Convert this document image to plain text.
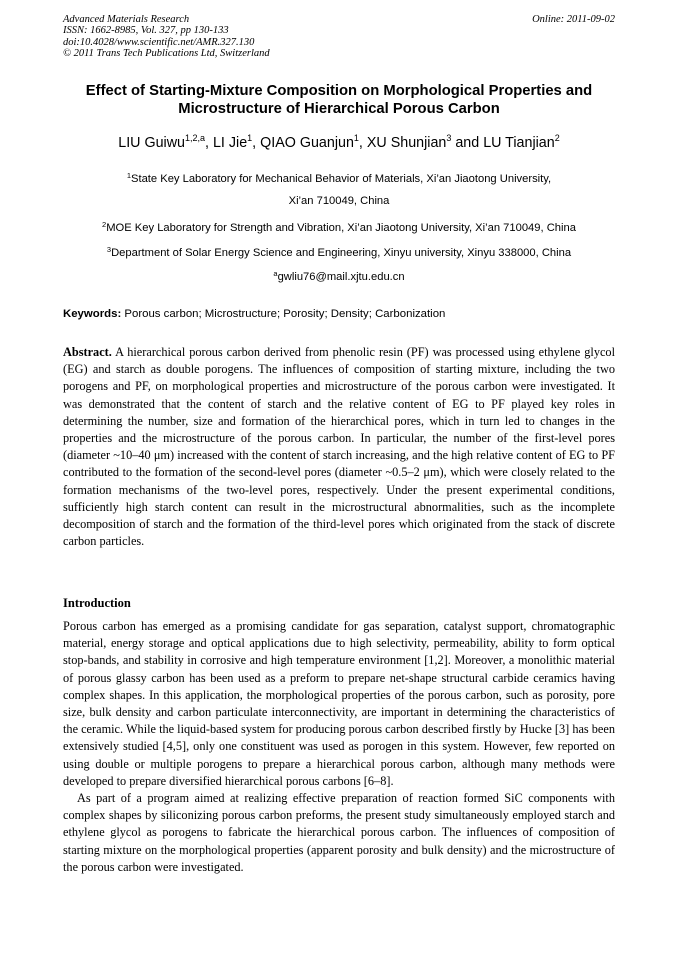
Advanced Materials Research
ISSN: 1662-8985, Vol. 327, pp 130-133
doi:10.4028/www.scientific.net/AMR.327.130
© 2011 Trans Tech Publications Ltd, Switzerland
Online: 2011-09-02
Effect of Starting-Mixture Composition on Morphological Properties and
Microstructure of Hierarchical Porous Carbon
LIU Guiwu$^{1,2,a}$, LI Jie$^1$, QIAO Guanjun$^1$, XU Shunjian$^3$ and LU Tianjian$^2$
$^1$State Key Laboratory for Mechanical Behavior of Materials, Xi’an Jiaotong University,
Xi’an 710049, China
$^2$MOE Key Laboratory for Strength and Vibration, Xi’an Jiaotong University, Xi’an 710049, China
$^3$Department of Solar Energy Science and Engineering, Xinyu university, Xinyu 338000, China
$^a$gwliu76@mail.xjtu.edu.cn
Keywords: Porous carbon; Microstructure; Porosity; Density; Carbonization
Abstract. A hierarchical porous carbon derived from phenolic resin (PF) was processed using ethylene glycol (EG) and starch as double porogens. The influences of composition of starting mixture, including the two porogens and PF, on morphological properties and microstructure of the porous carbon were investigated. It was demonstrated that the content of starch and the relative content of EG to PF played key roles in determining the number, size and formation of the hierarchical pores, which in turn led to changes in the properties and the microstructure of the porous carbon. In particular, the number of the first-level pores (diameter ~10–40 μm) increased with the content of starch increasing, and the high relative content of EG to PF contributed to the formation of the second-level pores (diameter ~0.5–2 μm), which were closely related to the formation mechanisms of the two-level pores, respectively. Under the present experimental conditions, sufficiently high starch content can result in the microstructural abnormalities, such as the incomplete decomposition of starch and the formation of the third-level pores which originated from the stack of discrete carbon particles.
Introduction

Porous carbon has emerged as a promising candidate for gas separation, catalyst support, chromatographic material, energy storage and optical applications due to high selectivity, permeability, ability to form optical stop-bands, and stability in corrosive and high temperature environment [1,2]. Moreover, a monolithic material of porous glassy carbon has been used as a preform to prepare net-shape structural carbide ceramics having complex shapes. In this application, the morphological properties of the porous carbon, such as porosity, pore size, bulk density and carbon particulate interconnectivity, are important in determining the characteristics of the ceramic. While the liquid-based system for producing porous carbon described firstly by Hucke [3] has been extensively studied [4,5], only one constituent was used as porogen in this system. However, few reported on using double or multiple porogens to prepare a hierarchical porous carbon, although many methods were developed to prepare diversified hierarchical porous carbons [6–8].

As part of a program aimed at realizing effective preparation of reaction formed SiC components with complex shapes by siliconizing porous carbon preforms, the present study simultaneously employed starch and ethylene glycol as porogens to fabricate the hierarchical porous carbon. The influences of composition of starting mixture on the morphological properties (apparent porosity and bulk density) and the microstructure of the porous carbon were investigated.
